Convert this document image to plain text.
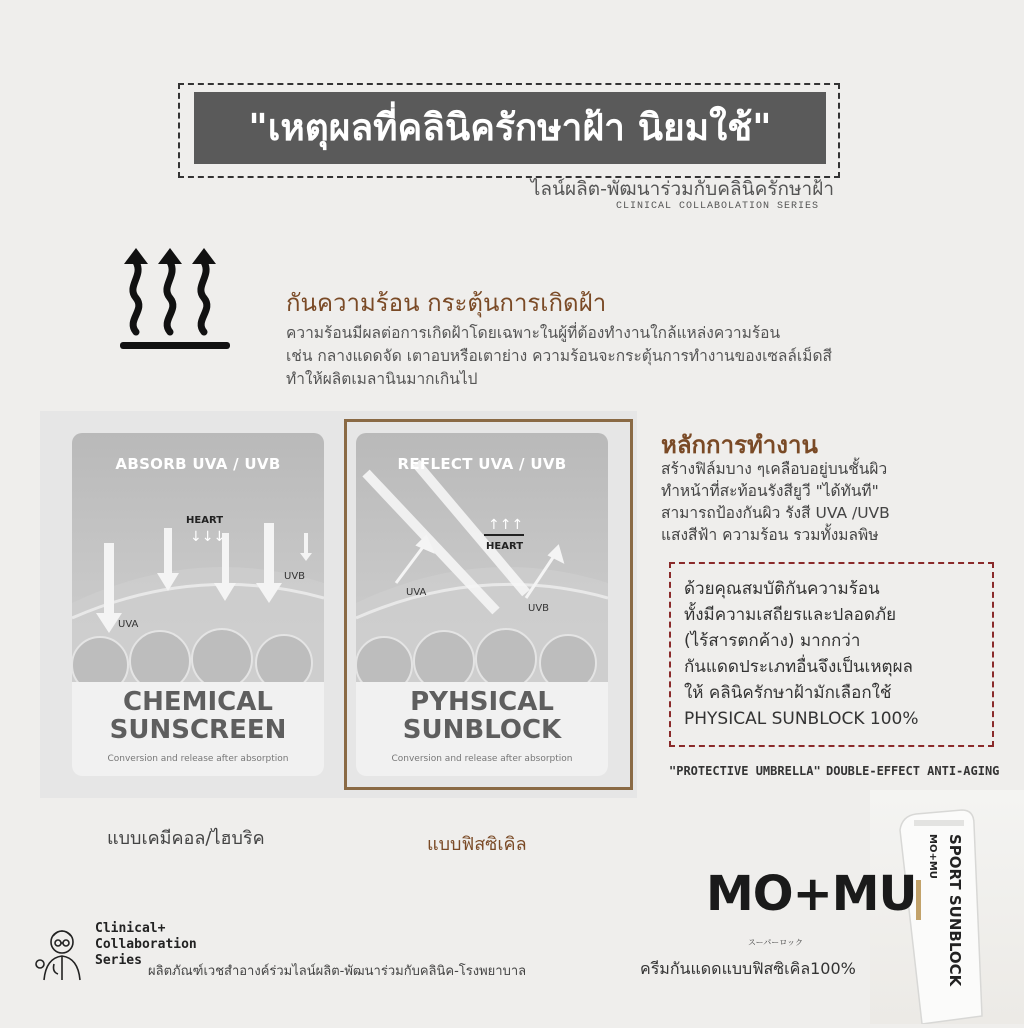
"เหตุผลที่คลินิครักษาฝ้า นิยมใช้"
ไลน์ผลิต-พัฒนาร่วมกับคลินิครักษาฝ้า
CLINICAL COLLABOLATION SERIES
กันความร้อน กระตุ้นการเกิดฝ้า
ความร้อนมีผลต่อการเกิดฝ้าโดยเฉพาะในผู้ที่ต้องทำงานใกล้แหล่งความร้อน
เช่น กลางแดดจัด เตาอบหรือเตาย่าง ความร้อนจะกระตุ้นการทำงานของเซลล์เม็ดสี
ทำให้ผลิตเมลานินมากเกินไป
ABSORB UVA / UVB
HEART
↓↓↓
UVA
UVB
CHEMICAL
SUNSCREEN
Conversion and release after absorption
REFLECT UVA / UVB
↑↑↑
HEART
UVA
UVB
PYHSICAL
SUNBLOCK
Conversion and release after absorption
แบบเคมีคอล/ไฮบริค	แบบฟิสซิเคิล
หลักการทำงาน
สร้างฟิล์มบาง ๆเคลือบอยู่บนชั้นผิว
ทำหน้าที่สะท้อนรังสียูวี "ได้ทันที"
สามารถป้องกันผิว รังสี UVA /UVB
แสงสีฟ้า ความร้อน รวมทั้งมลพิษ
ด้วยคุณสมบัติกันความร้อน
ทั้งมีความเสถียรและปลอดภัย
(ไร้สารตกค้าง) มากกว่า
กันแดดประเภทอื่นจึงเป็นเหตุผล
ให้ คลินิครักษาฝ้ามักเลือกใช้
PHYSICAL SUNBLOCK 100%
"PROTECTIVE UMBRELLA" DOUBLE-EFFECT ANTI-AGING
SPORT SUNBLOCK
MO+MU
MO+MU
スーパーロック
ครีมกันแดดแบบฟิสซิเคิล100%
Clinical+
Collaboration
Series
ผลิตภัณฑ์เวชสำอางค์ร่วมไลน์ผลิต-พัฒนาร่วมกับคลินิค-โรงพยาบาล
